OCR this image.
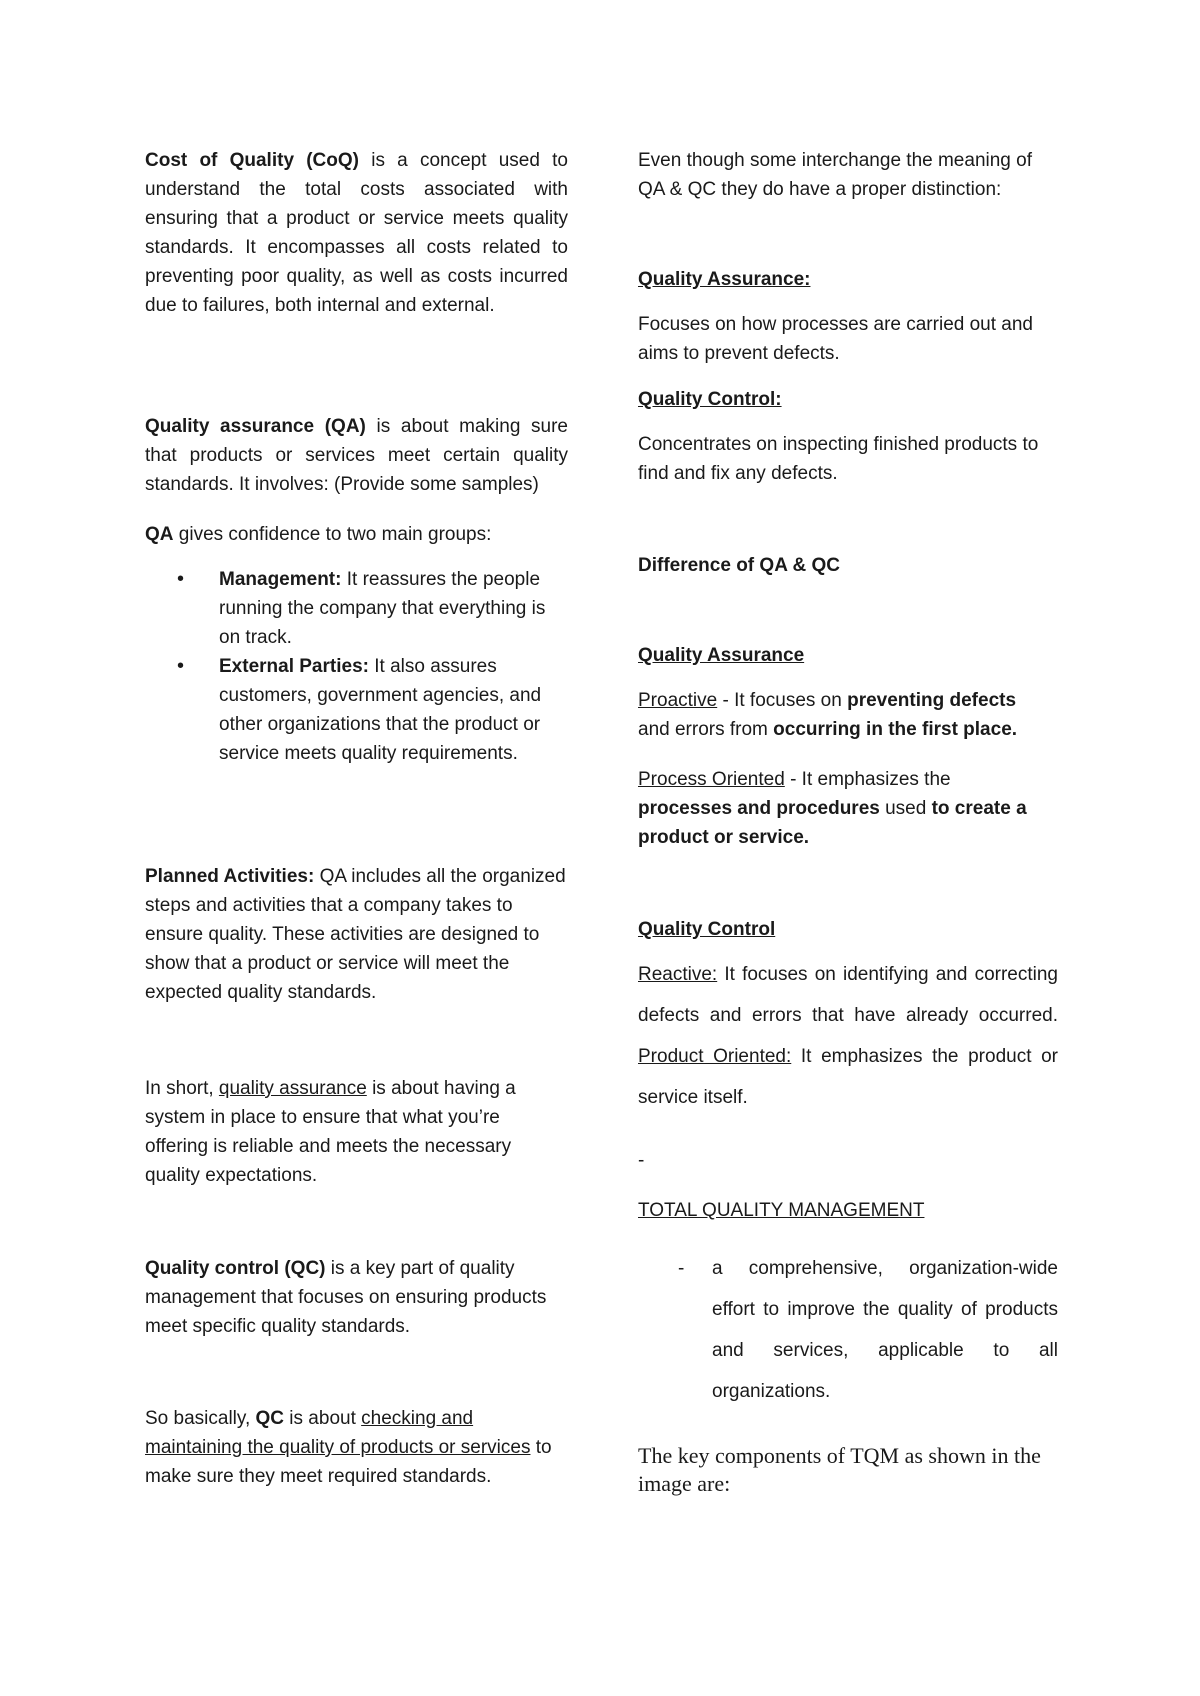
Cost of Quality (CoQ) is a concept used to understand the total costs associated with ensuring that a product or service meets quality standards. It encompasses all costs related to preventing poor quality, as well as costs incurred due to failures, both internal and external.

Quality assurance (QA) is about making sure that products or services meet certain quality standards. It involves: (Provide some samples)

QA gives confidence to two main groups:

• Management: It reassures the people running the company that everything is on track.
• External Parties: It also assures customers, government agencies, and other organizations that the product or service meets quality requirements.

Planned Activities: QA includes all the organized steps and activities that a company takes to ensure quality. These activities are designed to show that a product or service will meet the expected quality standards.

In short, quality assurance is about having a system in place to ensure that what you’re offering is reliable and meets the necessary quality expectations.

Quality control (QC) is a key part of quality management that focuses on ensuring products meet specific quality standards.

So basically, QC is about checking and maintaining the quality of products or services to make sure they meet required standards.

Even though some interchange the meaning of QA & QC they do have a proper distinction:

Quality Assurance:

Focuses on how processes are carried out and aims to prevent defects.

Quality Control:

Concentrates on inspecting finished products to find and fix any defects.

Difference of QA & QC

Quality Assurance

Proactive - It focuses on preventing defects and errors from occurring in the first place.

Process Oriented - It emphasizes the processes and procedures used to create a product or service.

Quality Control

Reactive: It focuses on identifying and correcting defects and errors that have already occurred. Product Oriented: It emphasizes the product or service itself.

-

TOTAL QUALITY MANAGEMENT

- a comprehensive, organization-wide effort to improve the quality of products and services, applicable to all organizations.

The key components of TQM as shown in the image are:
